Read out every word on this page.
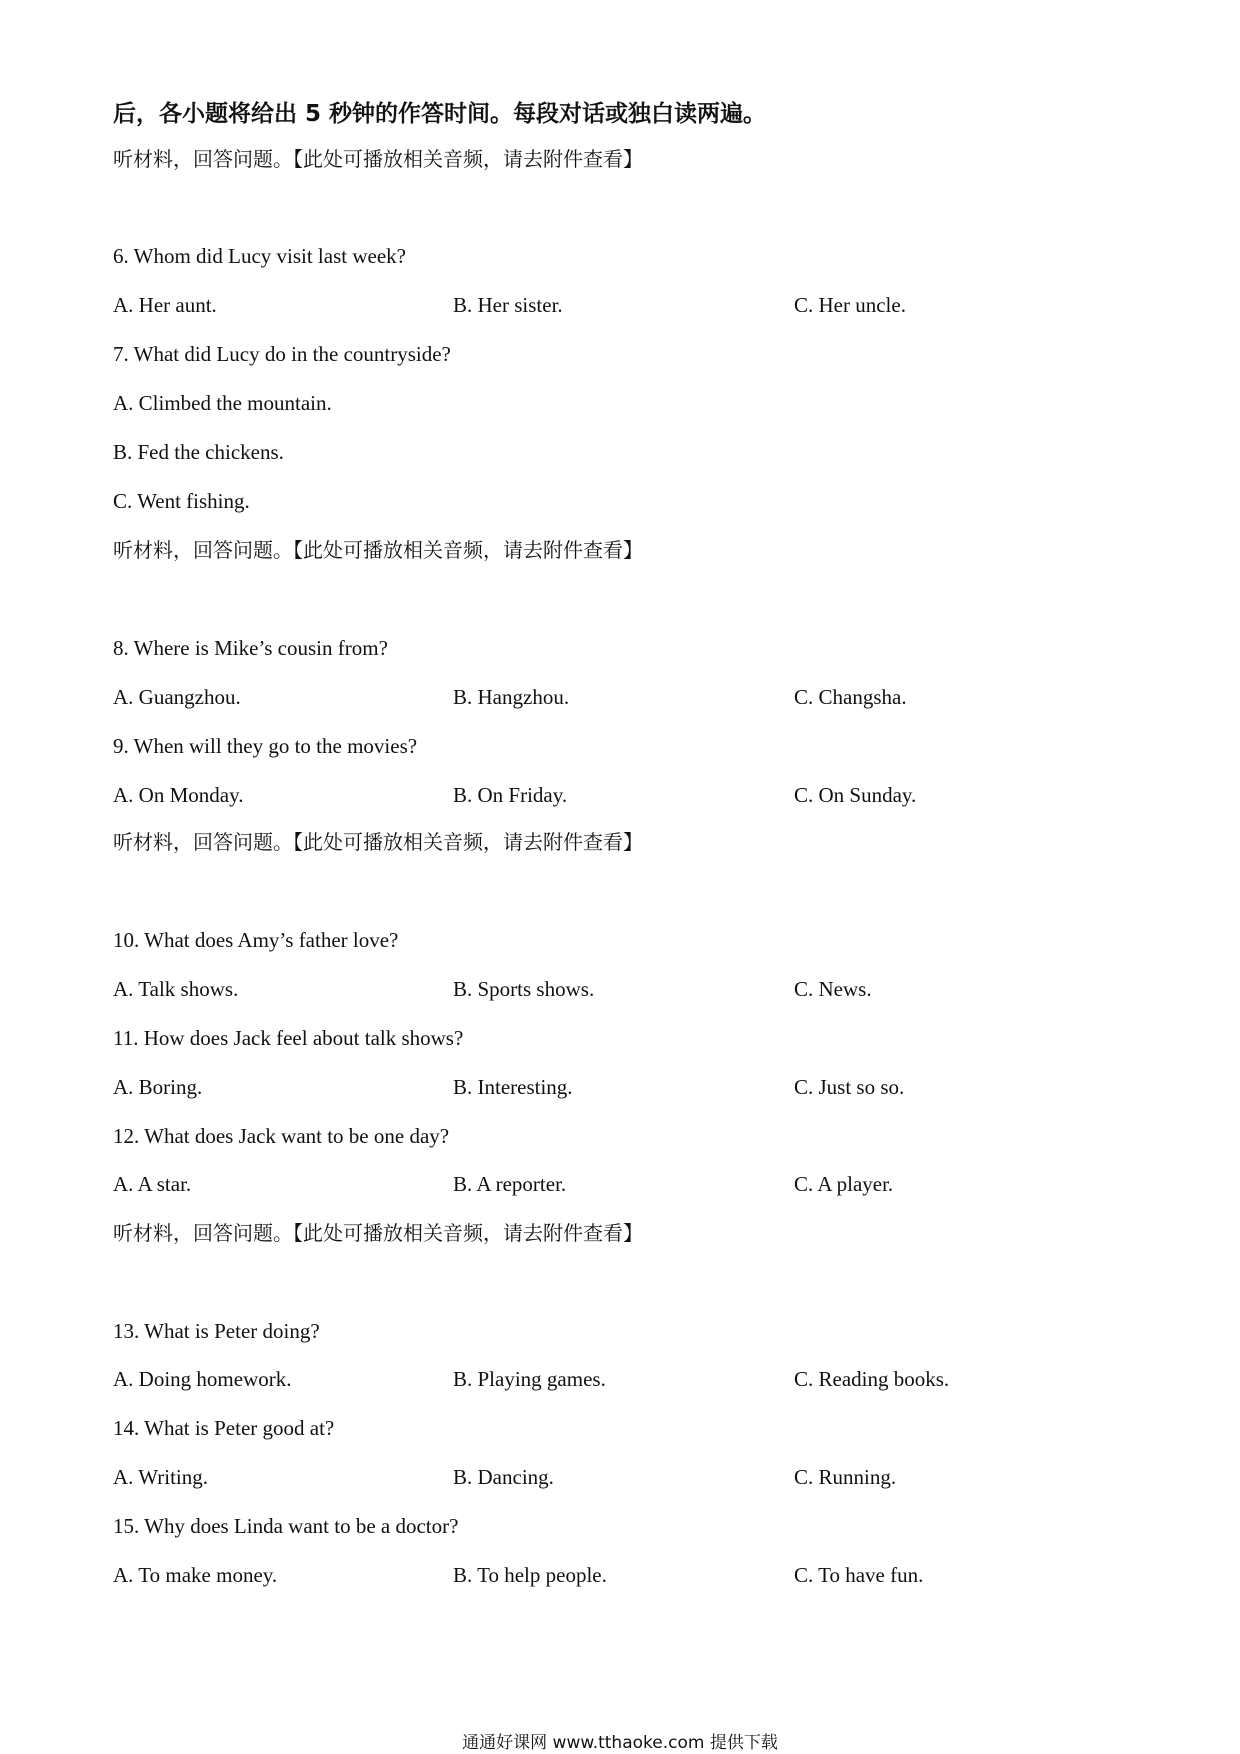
后，各小题将给出 5 秒钟的作答时间。每段对话或独白读两遍。
听材料，回答问题。【此处可播放相关音频，请去附件查看】
6. Whom did Lucy visit last week?
A. Her aunt.	B. Her sister.	C. Her uncle.
7. What did Lucy do in the countryside?
A. Climbed the mountain.
B. Fed the chickens.
C. Went fishing.
听材料，回答问题。【此处可播放相关音频，请去附件查看】
8. Where is Mike’s cousin from?
A. Guangzhou.	B. Hangzhou.	C. Changsha.
9. When will they go to the movies?
A. On Monday.	B. On Friday.	C. On Sunday.
听材料，回答问题。【此处可播放相关音频，请去附件查看】
10. What does Amy’s father love?
A. Talk shows.	B. Sports shows.	C. News.
11. How does Jack feel about talk shows?
A. Boring.	B. Interesting.	C. Just so so.
12. What does Jack want to be one day?
A. A star.	B. A reporter.	C. A player.
听材料，回答问题。【此处可播放相关音频，请去附件查看】
13. What is Peter doing?
A. Doing homework.	B. Playing games.	C. Reading books.
14. What is Peter good at?
A. Writing.	B. Dancing.	C. Running.
15. Why does Linda want to be a doctor?
A. To make money.	B. To help people.	C. To have fun.
通通好课网 www.tthaoke.com 提供下载
